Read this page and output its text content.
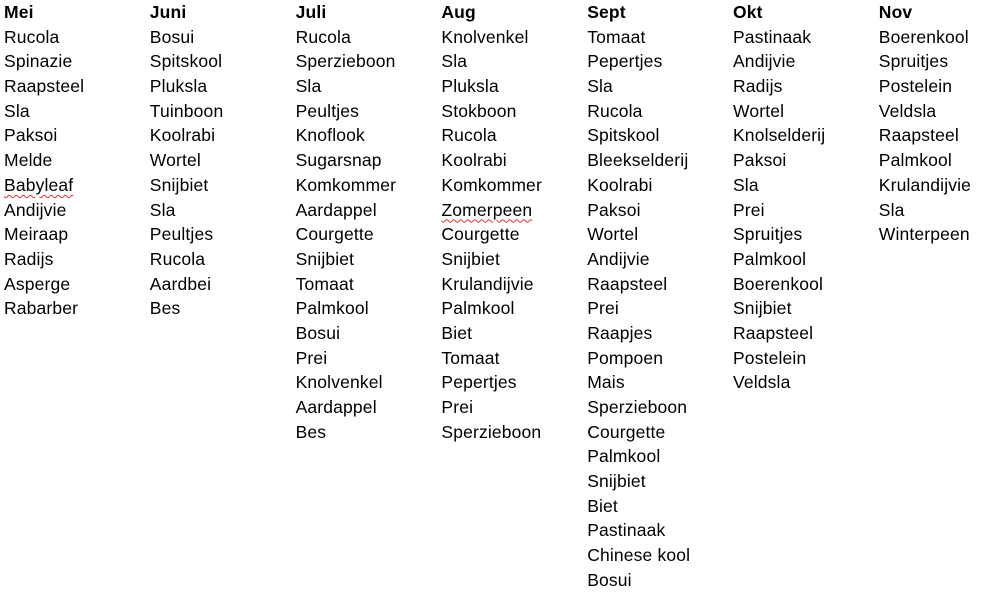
Mei
Rucola
Spinazie
Raapsteel
Sla
Paksoi
Melde
Babyleaf
Andijvie
Meiraap
Radijs
Asperge
Rabarber
Juni
Bosui
Spitskool
Pluksla
Tuinboon
Koolrabi
Wortel
Snijbiet
Sla
Peultjes
Rucola
Aardbei
Bes
Juli
Rucola
Sperzieboon
Sla
Peultjes
Knoflook
Sugarsnap
Komkommer
Aardappel
Courgette
Snijbiet
Tomaat
Palmkool
Bosui
Prei
Knolvenkel
Aardappel
Bes
Aug
Knolvenkel
Sla
Pluksla
Stokboon
Rucola
Koolrabi
Komkommer
Zomerpeen
Courgette
Snijbiet
Krulandijvie
Palmkool
Biet
Tomaat
Pepertjes
Prei
Sperzieboon
Sept
Tomaat
Pepertjes
Sla
Rucola
Spitskool
Bleekselderij
Koolrabi
Paksoi
Wortel
Andijvie
Raapsteel
Prei
Raapjes
Pompoen
Mais
Sperzieboon
Courgette
Palmkool
Snijbiet
Biet
Pastinaak
Chinese kool
Bosui
Okt
Pastinaak
Andijvie
Radijs
Wortel
Knolselderij
Paksoi
Sla
Prei
Spruitjes
Palmkool
Boerenkool
Snijbiet
Raapsteel
Postelein
Veldsla
Nov
Boerenkool
Spruitjes
Postelein
Veldsla
Raapsteel
Palmkool
Krulandijvie
Sla
Winterpeen
